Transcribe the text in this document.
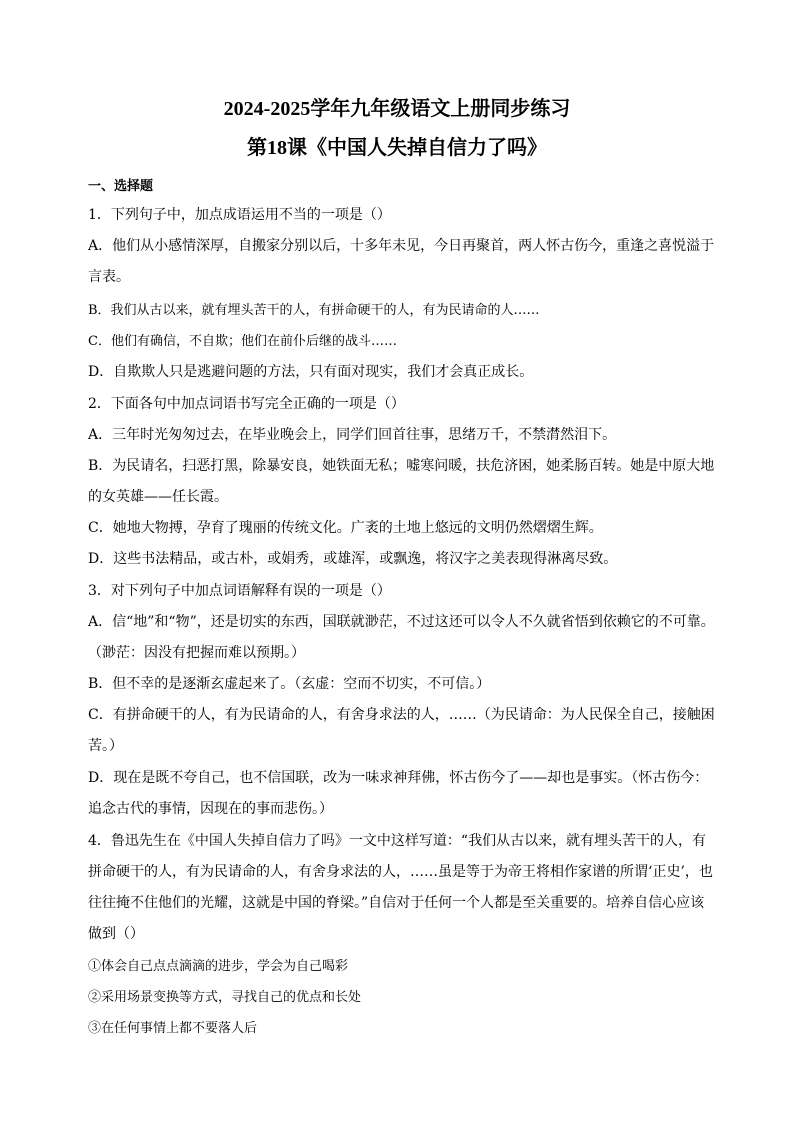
2024-2025学年九年级语文上册同步练习
第18课《中国人失掉自信力了吗》
一、选择题
1．下列句子中，加点成语运用不当的一项是（）
A．他们从小感情深厚，自搬家分别以后，十多年未见，今日再聚首，两人怀古伤今，重逢之喜悦溢于
言表。
B．我们从古以来，就有埋头苦干的人，有拼命硬干的人，有为民请命的人……
C．他们有确信，不自欺；他们在前仆后继的战斗……
D．自欺欺人只是逃避问题的方法，只有面对现实，我们才会真正成长。
2．下面各句中加点词语书写完全正确的一项是（）
A．三年时光匆匆过去，在毕业晚会上，同学们回首往事，思绪万千，不禁潸然泪下。
B．为民请名，扫恶打黑，除暴安良，她铁面无私；嘘寒问暖，扶危济困，她柔肠百转。她是中原大地
的女英雄——任长霞。
C．她地大物搏，孕育了瑰丽的传统文化。广袤的土地上悠远的文明仍然熠熠生辉。
D．这些书法精品，或古朴，或娟秀，或雄浑，或飘逸，将汉字之美表现得淋离尽致。
3．对下列句子中加点词语解释有误的一项是（）
A．信“地”和“物”，还是切实的东西，国联就渺茫，不过这还可以令人不久就省悟到依赖它的不可靠。
（渺茫：因没有把握而难以预期。）
B．但不幸的是逐渐玄虚起来了。（玄虚：空而不切实，不可信。）
C．有拼命硬干的人，有为民请命的人，有舍身求法的人，……（为民请命：为人民保全自己，接触困
苦。）
D．现在是既不夸自己，也不信国联，改为一味求神拜佛，怀古伤今了——却也是事实。（怀古伤今：
追念古代的事情，因现在的事而悲伤。）
4．鲁迅先生在《中国人失掉自信力了吗》一文中这样写道：“我们从古以来，就有埋头苦干的人，有
拼命硬干的人，有为民请命的人，有舍身求法的人，……虽是等于为帝王将相作家谱的所谓‘正史’，也
往往掩不住他们的光耀，这就是中国的脊梁。”自信对于任何一个人都是至关重要的。培养自信心应该
做到（）
①体会自己点点滴滴的进步，学会为自己喝彩
②采用场景变换等方式，寻找自己的优点和长处
③在任何事情上都不要落人后
